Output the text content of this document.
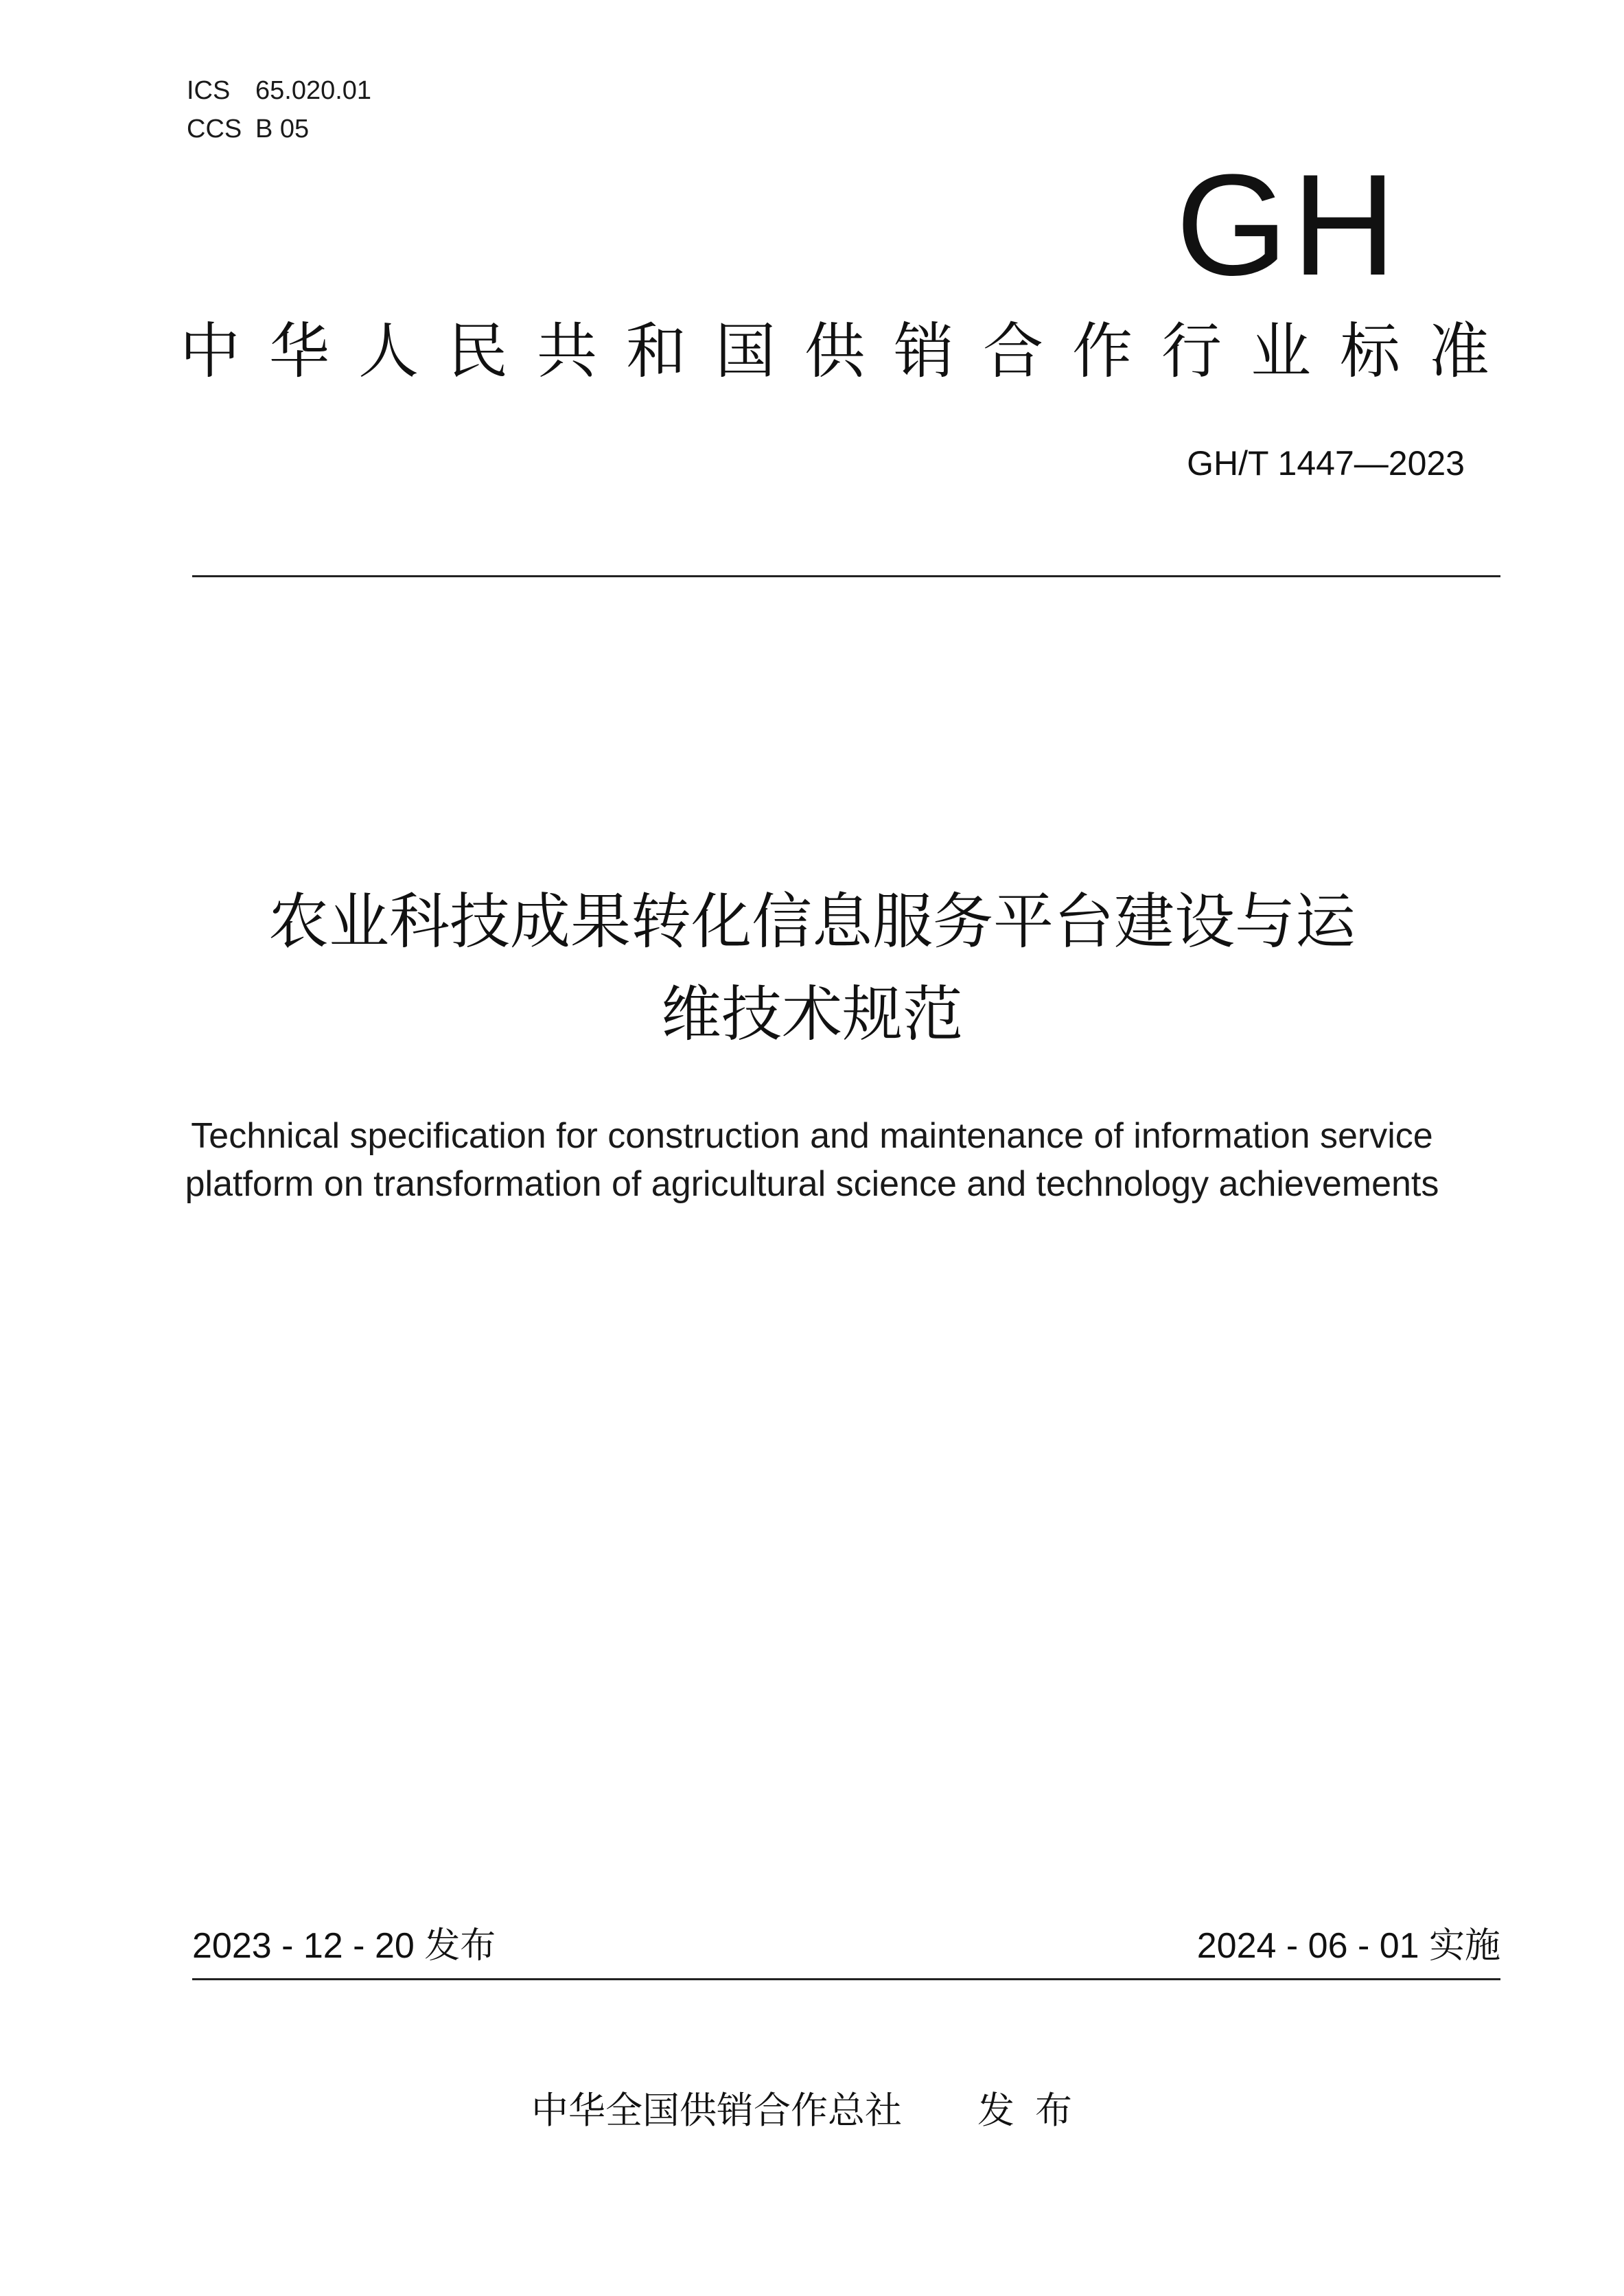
ICS 65.020.01
CCS B 05
GH
中华人民共和国供销合作行业标准
GH/T 1447—2023
农业科技成果转化信息服务平台建设与运
维技术规范
Technical specification for construction and maintenance of information service
platform on transformation of agricultural science and technology achievements
2023 - 12 - 20 发布	2024 - 06 - 01 实施
中华全国供销合作总社 发布
